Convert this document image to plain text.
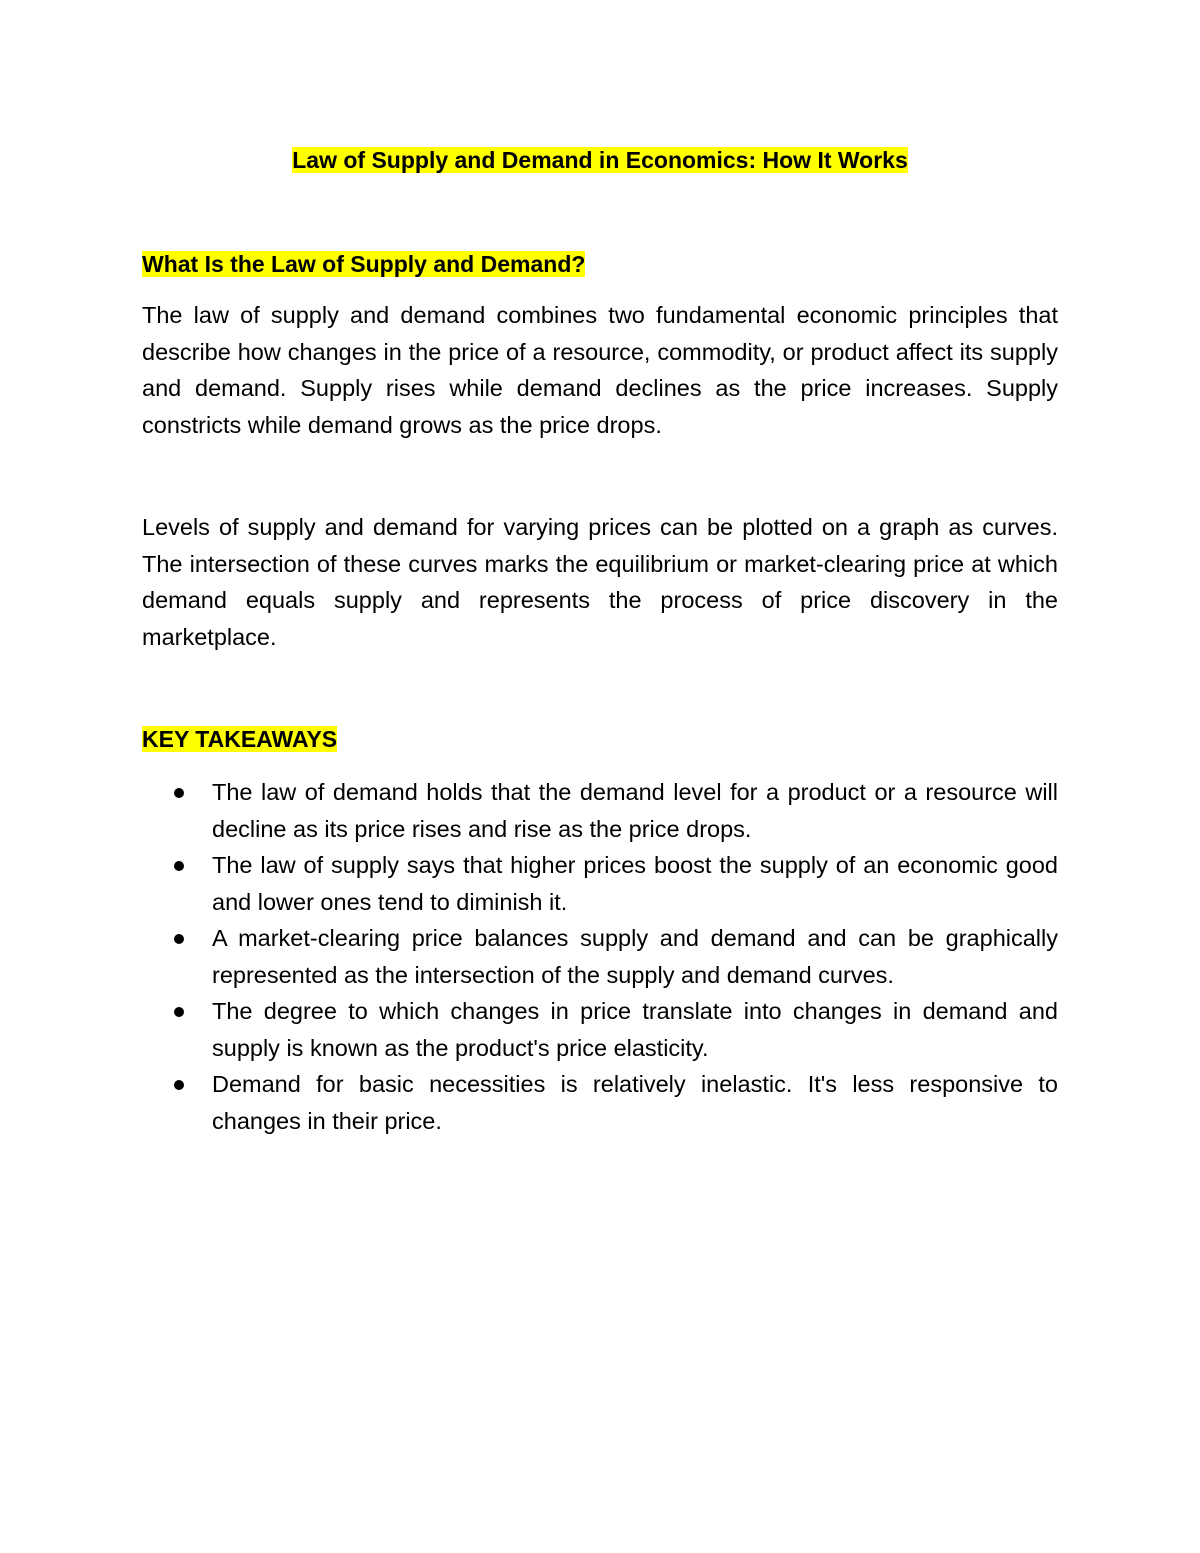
Law of Supply and Demand in Economics: How It Works
What Is the Law of Supply and Demand?

The law of supply and demand combines two fundamental economic principles that describe how changes in the price of a resource, commodity, or product affect its supply and demand. Supply rises while demand declines as the price increases. Supply constricts while demand grows as the price drops.

Levels of supply and demand for varying prices can be plotted on a graph as curves. The intersection of these curves marks the equilibrium or market-clearing price at which demand equals supply and represents the process of price discovery in the marketplace.

KEY TAKEAWAYS
The law of demand holds that the demand level for a product or a resource will decline as its price rises and rise as the price drops.
The law of supply says that higher prices boost the supply of an economic good and lower ones tend to diminish it.
A market-clearing price balances supply and demand and can be graphically represented as the intersection of the supply and demand curves.
The degree to which changes in price translate into changes in demand and supply is known as the product's price elasticity.
Demand for basic necessities is relatively inelastic. It's less responsive to changes in their price.
